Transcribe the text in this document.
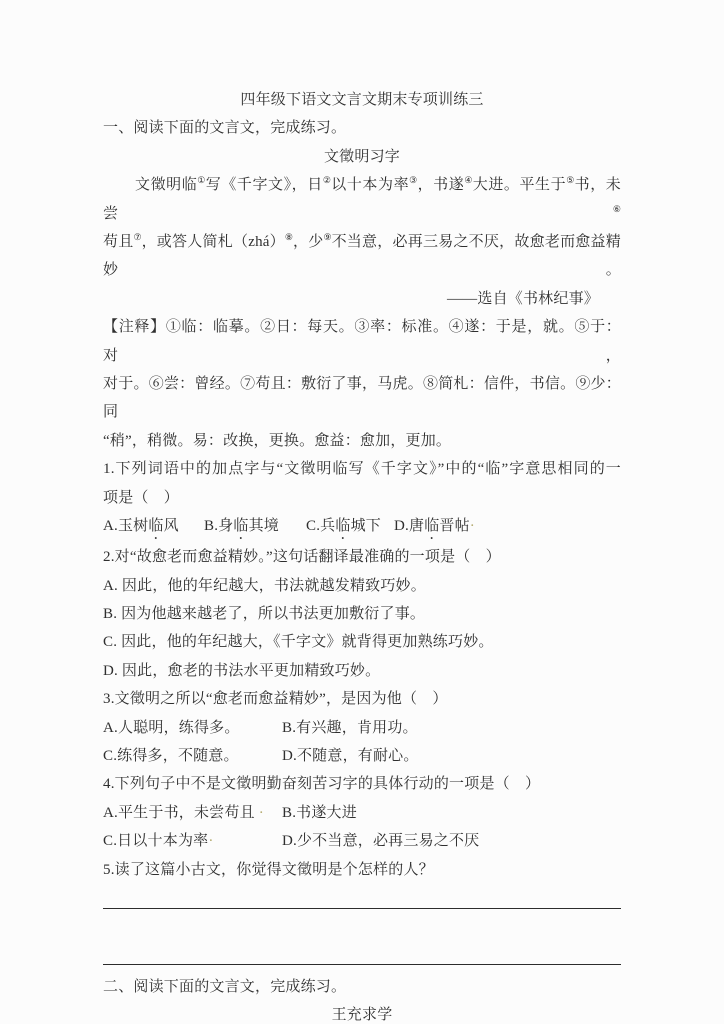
四年级下语文文言文期末专项训练三
一、阅读下面的文言文，完成练习。
文徵明习字
文徵明临①写《千字文》，日②以十本为率③，书遂④大进。平生于⑤书，未尝⑥
苟且⑦，或答人简札（zhá）⑧，少⑨不当意，必再三易之不厌，故愈老而愈益精妙。
——选自《书林纪事》
【注释】①临：临摹。②日：每天。③率：标准。④遂：于是，就。⑤于：对，
对于。⑥尝：曾经。⑦苟且：敷衍了事，马虎。⑧简札：信件，书信。⑨少：同
“稍”，稍微。易：改换，更换。愈益：愈加，更加。
1.下列词语中的加点字与“文徵明临写《千字文》”中的“临”字意思相同的一
项是（　）
A.玉树临风 B.身临其境 C.兵临城下 D.唐临晋帖·
2.对“故愈老而愈益精妙。”这句话翻译最准确的一项是（　）
A. 因此，他的年纪越大，书法就越发精致巧妙。
B. 因为他越来越老了，所以书法更加敷衍了事。
C. 因此，他的年纪越大，《千字文》就背得更加熟练巧妙。
D. 因此，愈老的书法水平更加精致巧妙。
3.文徵明之所以“愈老而愈益精妙”，是因为他（　）
A.人聪明，练得多。	B.有兴趣，肯用功。
C.练得多，不随意。	D.不随意，有耐心。
4.下列句子中不是文徵明勤奋刻苦习字的具体行动的一项是（　）
A.平生于书，未尝苟且 · B.书遂大进
C.日以十本为率·	D.少不当意，必再三易之不厌
5.读了这篇小古文，你觉得文徵明是个怎样的人？
二、阅读下面的文言文，完成练习。
王充求学
